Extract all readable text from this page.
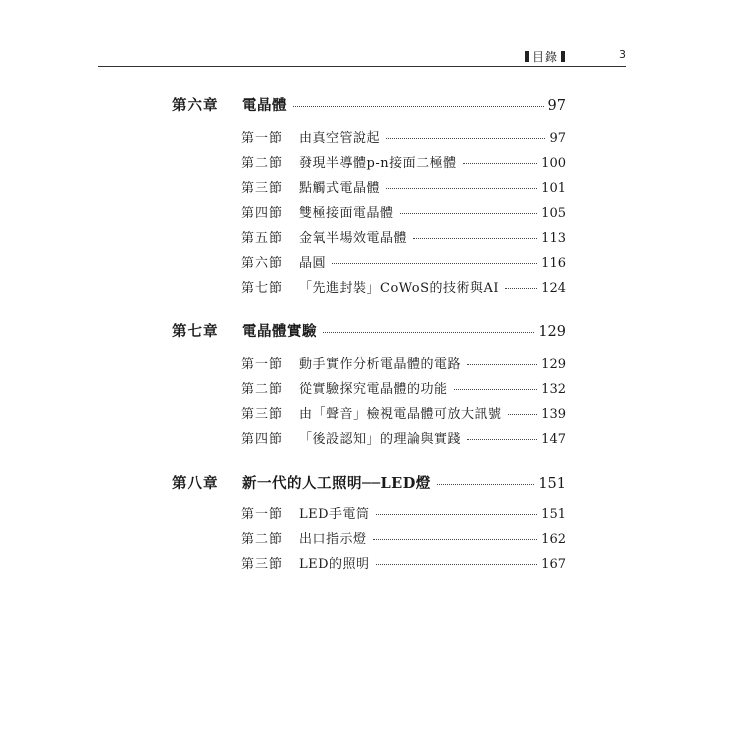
目錄	3
第六章	電晶體	97
第一節	由真空管說起	97
第二節	發現半導體p-n接面二極體	100
第三節	點觸式電晶體	101
第四節	雙極接面電晶體	105
第五節	金氧半場效電晶體	113
第六節	晶圓	116
第七節	「先進封裝」CoWoS的技術與AI	124
第七章	電晶體實驗	129
第一節	動手實作分析電晶體的電路	129
第二節	從實驗探究電晶體的功能	132
第三節	由「聲音」檢視電晶體可放大訊號	139
第四節	「後設認知」的理論與實踐	147
第八章	新一代的人工照明──LED燈	151
第一節	LED手電筒	151
第二節	出口指示燈	162
第三節	LED的照明	167
